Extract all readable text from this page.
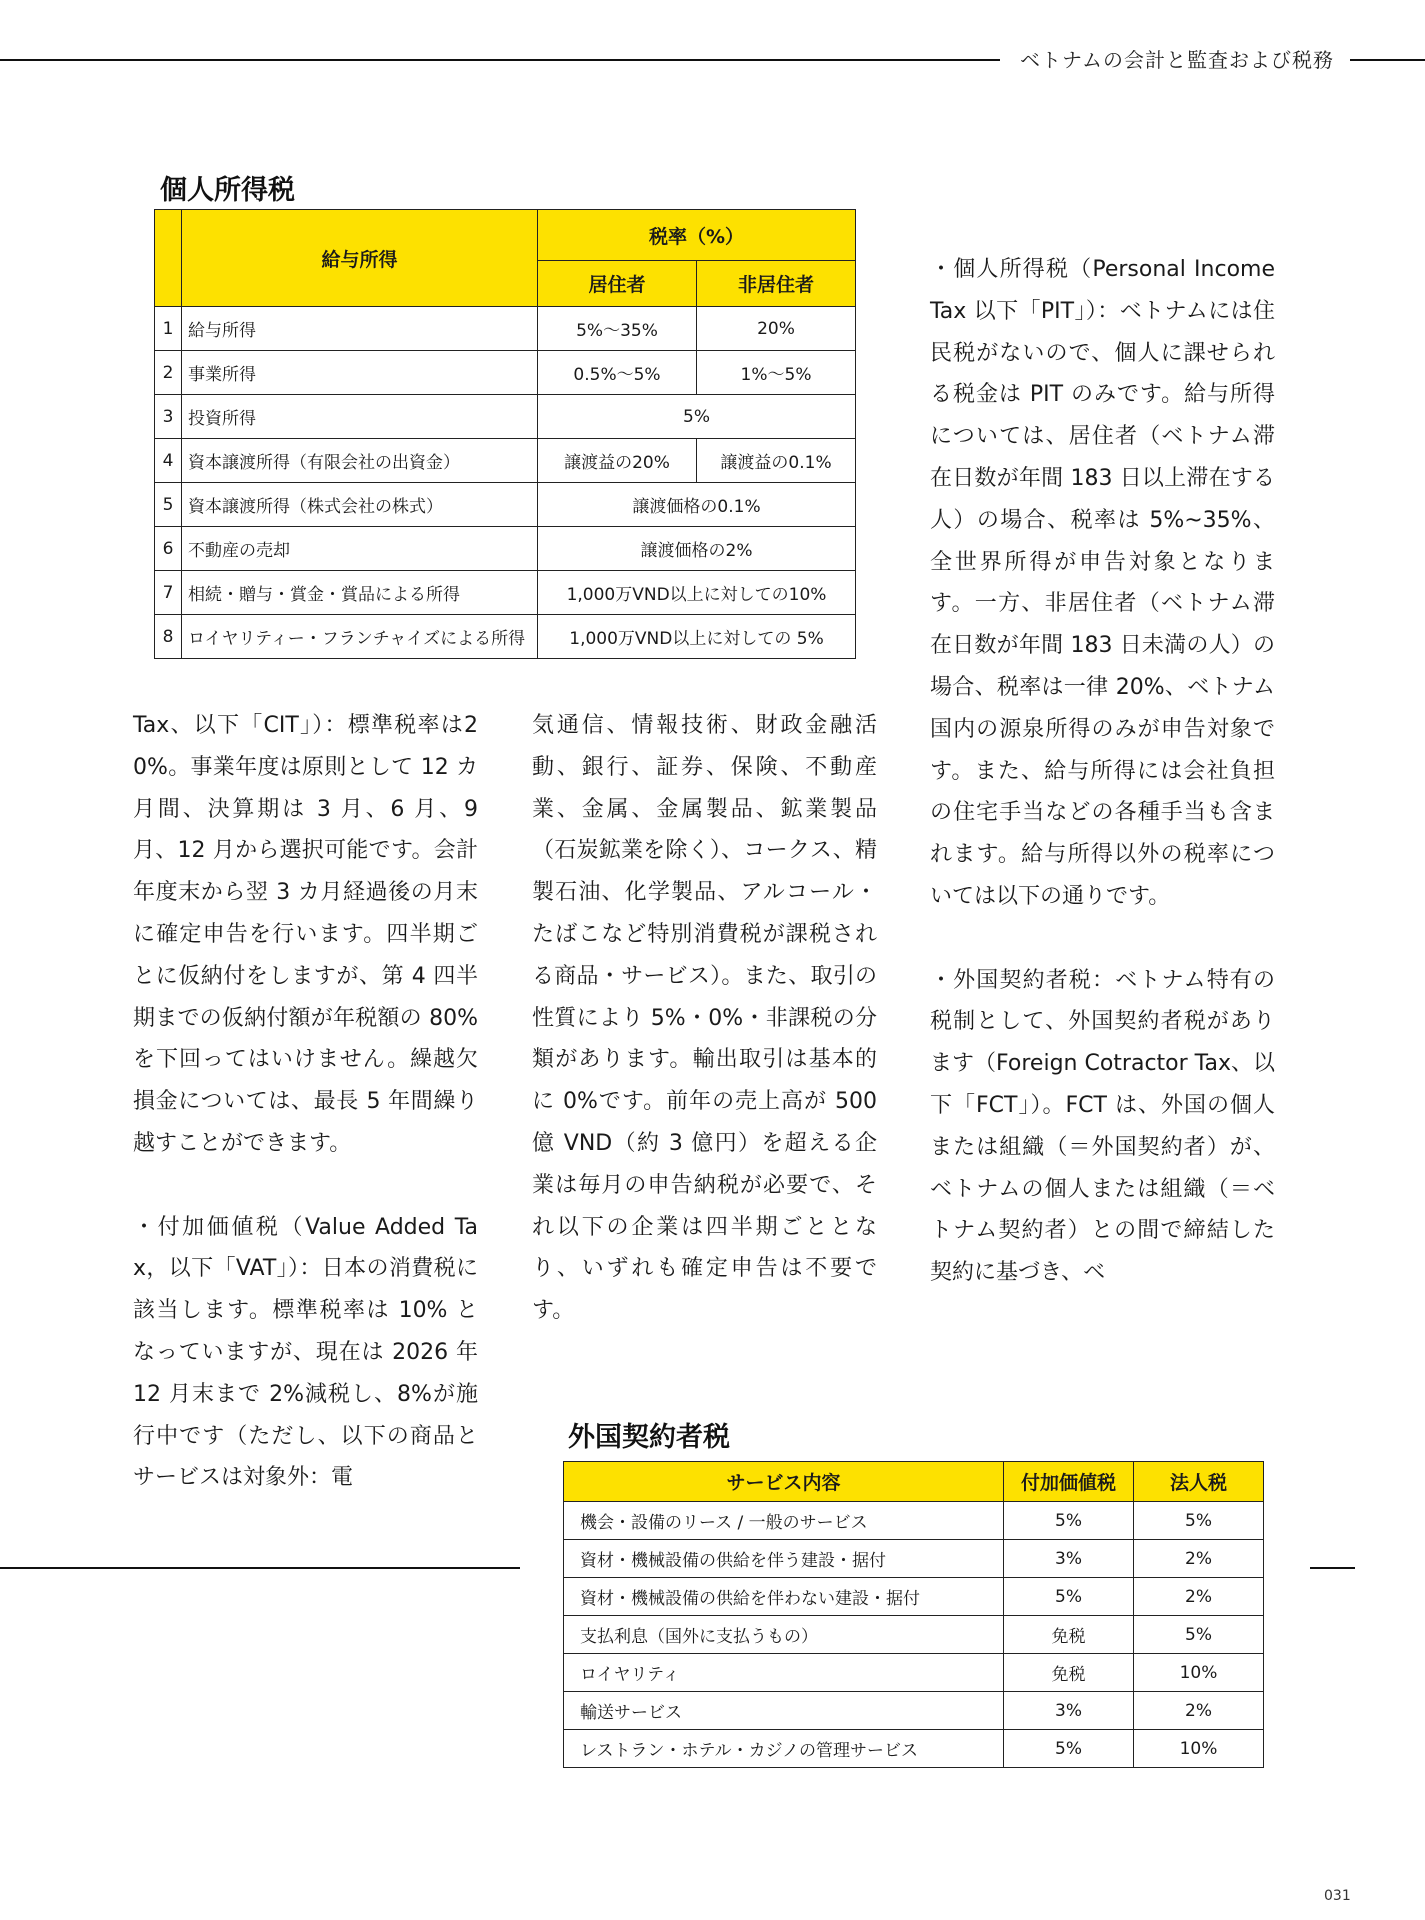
ベトナムの会計と監査および税務
個人所得税
	給与所得	税率（%）	
		居住者	非居住者
1	給与所得	5%～35%	20%
2	事業所得	0.5%～5%	1%～5%
3	投資所得	5%	
4	資本譲渡所得（有限会社の出資金）	譲渡益の20%	譲渡益の0.1%
5	資本譲渡所得（株式会社の株式）	譲渡価格の0.1%	
6	不動産の売却	譲渡価格の2%	
7	相続・贈与・賞金・賞品による所得	1,000万VND以上に対しての10%	
8	ロイヤリティー・フランチャイズによる所得	1,000万VND以上に対しての 5%	

Tax、以下「CIT」）：標準税率は20%。事業年度は原則として 12 カ月間、決算期は 3 月、6 月、9 月、12 月から選択可能です。会計年度末から翌 3 カ月経過後の月末に確定申告を行います。四半期ごとに仮納付をしますが、第 4 四半期までの仮納付額が年税額の 80% を下回ってはいけません。繰越欠損金については、最長 5 年間繰り越すことができます。

・付加価値税（Value Added Tax，以下「VAT」）：日本の消費税に該当します。標準税率は 10% となっていますが、現在は 2026 年 12 月末まで 2%減税し、8%が施行中です（ただし、以下の商品とサービスは対象外：電

気通信、情報技術、財政金融活動、銀行、証券、保険、不動産業、金属、金属製品、鉱業製品（石炭鉱業を除く）、コークス、精製石油、化学製品、アルコール・たばこなど特別消費税が課税される商品・サービス）。また、取引の性質により 5%・0%・非課税の分類があります。輸出取引は基本的に 0%です。前年の売上高が 500 億 VND（約 3 億円）を超える企業は毎月の申告納税が必要で、それ以下の企業は四半期ごととなり、いずれも確定申告は不要です。

・個人所得税（Personal Income Tax 以下「PIT」）：ベトナムには住民税がないので、個人に課せられる税金は PIT のみです。給与所得については、居住者（ベトナム滞在日数が年間 183 日以上滞在する人）の場合、税率は 5%~35%、全世界所得が申告対象となります。一方、非居住者（ベトナム滞在日数が年間 183 日未満の人）の場合、税率は一律 20%、ベトナム国内の源泉所得のみが申告対象です。また、給与所得には会社負担の住宅手当などの各種手当も含まれます。給与所得以外の税率については以下の通りです。

・外国契約者税：ベトナム特有の税制として、外国契約者税があります（Foreign Cotractor Tax、以下「FCT」）。FCT は、外国の個人または組織（＝外国契約者）が、ベトナムの個人または組織（＝ベトナム契約者）との間で締結した契約に基づき、ベ

外国契約者税
サービス内容	付加価値税	法人税
機会・設備のリース / 一般のサービス	5%	5%
資材・機械設備の供給を伴う建設・据付	3%	2%
資材・機械設備の供給を伴わない建設・据付	5%	2%
支払利息（国外に支払うもの）	免税	5%
ロイヤリティ	免税	10%
輸送サービス	3%	2%
レストラン・ホテル・カジノの管理サービス	5%	10%
031
